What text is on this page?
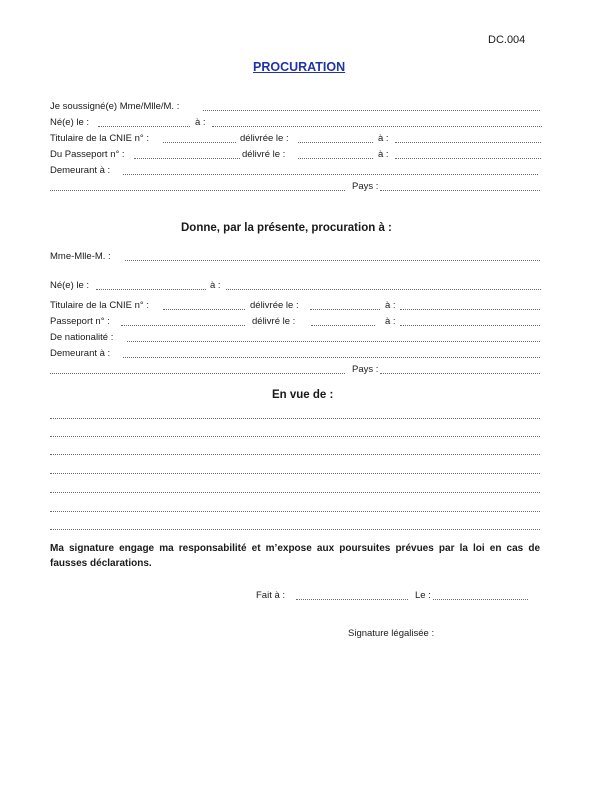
DC.004
PROCURATION
Je soussigné(e) Mme/Mlle/M. :
Né(e) le :	à :
Titulaire de la CNIE n° :	délivrée le :	à :
Du Passeport n° :	délivré le :	à :
Demeurant à :
Pays :
Donne, par la présente, procuration à :
Mme-Mlle-M. :
Né(e) le :	à :
Titulaire de la CNIE n° :	délivrée le :	à :
Passeport n° :	délivré le :	à :
De nationalité :
Demeurant à :
Pays :
En vue de :
Ma signature engage ma responsabilité et m’expose aux poursuites prévues par la loi en cas de fausses déclarations.
Fait à :	Le :
Signature légalisée :
